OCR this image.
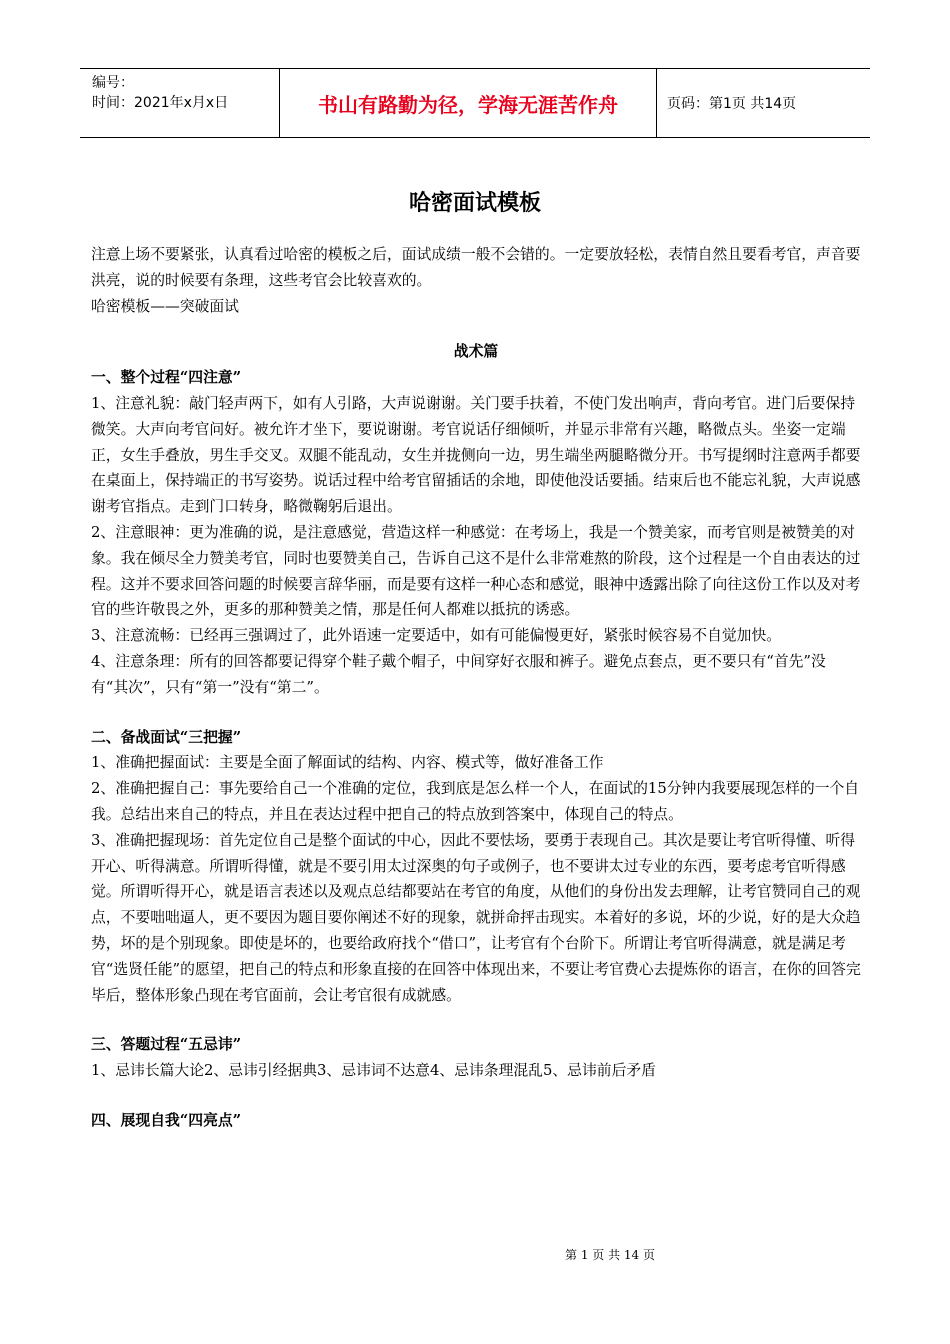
编号：
时间：2021年x月x日	书山有路勤为径，学海无涯苦作舟	页码：第1页 共14页
哈密面试模板

注意上场不要紧张，认真看过哈密的模板之后，面试成绩一般不会错的。一定要放轻松，表情自然且要看考官，声音要洪亮，说的时候要有条理，这些考官会比较喜欢的。

哈密模板——突破面试

战术篇

一、整个过程“四注意”

1、注意礼貌：敲门轻声两下，如有人引路，大声说谢谢。关门要手扶着，不使门发出响声，背向考官。进门后要保持微笑。大声向考官问好。被允许才坐下，要说谢谢。考官说话仔细倾听，并显示非常有兴趣，略微点头。坐姿一定端正，女生手叠放，男生手交叉。双腿不能乱动，女生并拢侧向一边，男生端坐两腿略微分开。书写提纲时注意两手都要在桌面上，保持端正的书写姿势。说话过程中给考官留插话的余地，即使他没话要插。结束后也不能忘礼貌，大声说感谢考官指点。走到门口转身，略微鞠躬后退出。

2、注意眼神：更为准确的说，是注意感觉，营造这样一种感觉：在考场上，我是一个赞美家，而考官则是被赞美的对象。我在倾尽全力赞美考官，同时也要赞美自己，告诉自己这不是什么非常难熬的阶段，这个过程是一个自由表达的过程。这并不要求回答问题的时候要言辞华丽，而是要有这样一种心态和感觉，眼神中透露出除了向往这份工作以及对考官的些许敬畏之外，更多的那种赞美之情，那是任何人都难以抵抗的诱惑。

3、注意流畅：已经再三强调过了，此外语速一定要适中，如有可能偏慢更好，紧张时候容易不自觉加快。

4、注意条理：所有的回答都要记得穿个鞋子戴个帽子，中间穿好衣服和裤子。避免点套点，更不要只有“首先”没有“其次”，只有“第一”没有“第二”。

二、备战面试“三把握”

1、准确把握面试：主要是全面了解面试的结构、内容、模式等，做好准备工作

2、准确把握自己：事先要给自己一个准确的定位，我到底是怎么样一个人，在面试的15分钟内我要展现怎样的一个自我。总结出来自己的特点，并且在表达过程中把自己的特点放到答案中，体现自己的特点。

3、准确把握现场：首先定位自己是整个面试的中心，因此不要怯场，要勇于表现自己。其次是要让考官听得懂、听得开心、听得满意。所谓听得懂，就是不要引用太过深奥的句子或例子，也不要讲太过专业的东西，要考虑考官听得感觉。所谓听得开心，就是语言表述以及观点总结都要站在考官的角度，从他们的身份出发去理解，让考官赞同自己的观点，不要咄咄逼人，更不要因为题目要你阐述不好的现象，就拼命抨击现实。本着好的多说，坏的少说，好的是大众趋势，坏的是个别现象。即使是坏的，也要给政府找个“借口”，让考官有个台阶下。所谓让考官听得满意，就是满足考官“选贤任能”的愿望，把自己的特点和形象直接的在回答中体现出来，不要让考官费心去提炼你的语言，在你的回答完毕后，整体形象凸现在考官面前，会让考官很有成就感。

三、答题过程“五忌讳”

1、忌讳长篇大论2、忌讳引经据典3、忌讳词不达意4、忌讳条理混乱5、忌讳前后矛盾

四、展现自我“四亮点”

第 1 页 共 14 页
